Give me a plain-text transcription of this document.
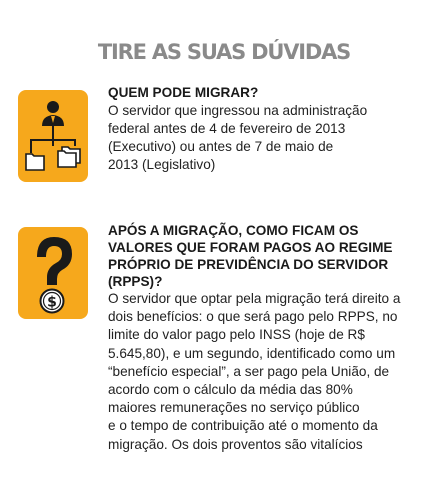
TIRE AS SUAS DÚVIDAS

QUEM PODE MIGRAR?

O servidor que ingressou na administração
federal antes de 4 de fevereiro de 2013
(Executivo) ou antes de 7 de maio de
2013 (Legislativo)

$

APÓS A MIGRAÇÃO, COMO FICAM OS
VALORES QUE FORAM PAGOS AO REGIME
PRÓPRIO DE PREVIDÊNCIA DO SERVIDOR
(RPPS)?

O servidor que optar pela migração terá direito a
dois benefícios: o que será pago pelo RPPS, no
limite do valor pago pelo INSS (hoje de R$
5.645,80), e um segundo, identificado como um
“benefício especial”, a ser pago pela União, de
acordo com o cálculo da média das 80%
maiores remunerações no serviço público
e o tempo de contribuição até o momento da
migração. Os dois proventos são vitalícios
